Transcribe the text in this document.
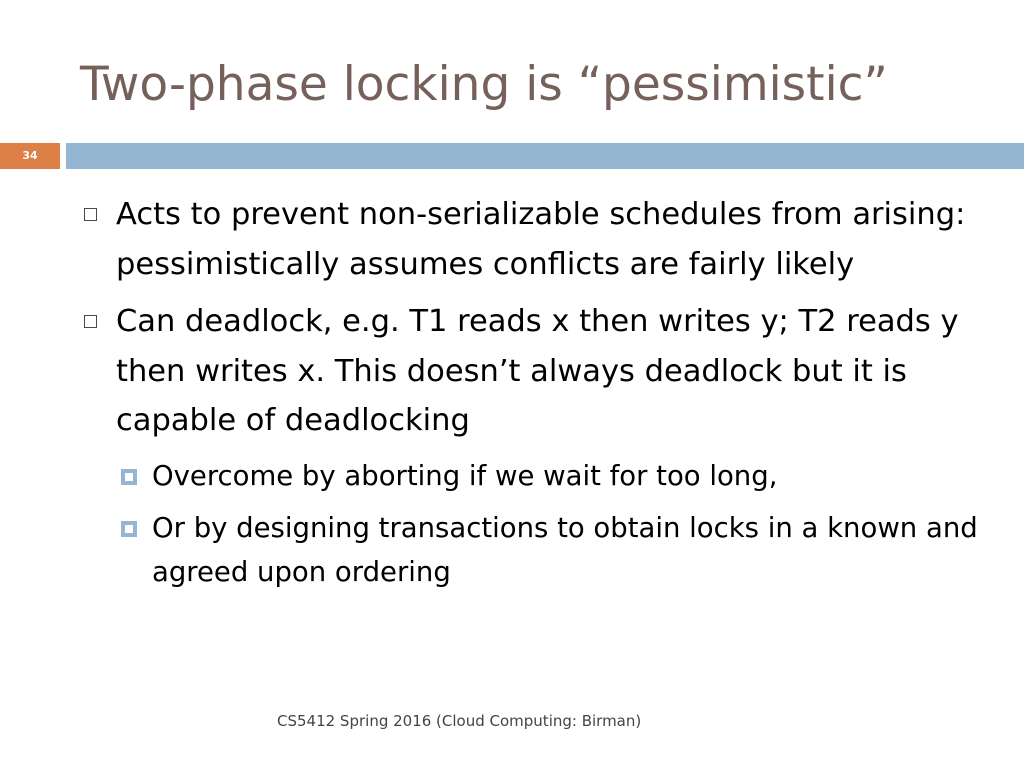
Two-phase locking is “pessimistic”
34
Acts to prevent non-serializable schedules from arising: pessimistically assumes conflicts are fairly likely
Can deadlock, e.g. T1 reads x then writes y; T2 reads y then writes x. This doesn’t always deadlock but it is capable of deadlocking
Overcome by aborting if we wait for too long,
Or by designing transactions to obtain locks in a known and agreed upon ordering
CS5412 Spring 2016 (Cloud Computing: Birman)
